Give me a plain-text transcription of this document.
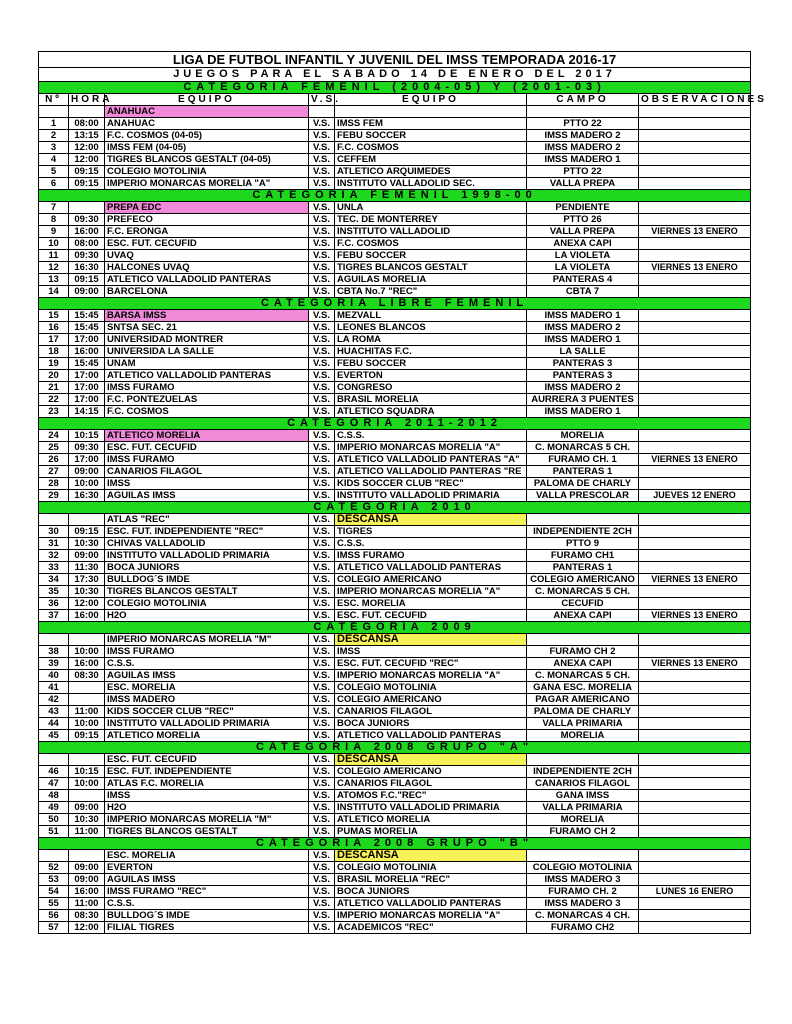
LIGA DE FUTBOL INFANTIL Y JUVENIL DEL IMSS TEMPORADA 2016-17						
JUEGOS PARA EL SABADO 14 DE ENERO DEL 2017						
CATEGORIA FEMENIL (2004-05) Y (2001-03)						
Nº	HORA	EQUIPO	V.S.	EQUIPO	CAMPO	OBSERVACIONES
		ANAHUAC				
1	08:00	ANAHUAC	V.S.	IMSS FEM	PTTO 22	
2	13:15	F.C. COSMOS (04-05)	V.S.	FEBU SOCCER	IMSS MADERO 2	
3	12:00	IMSS FEM (04-05)	V.S.	F.C. COSMOS	IMSS MADERO 2	
4	12:00	TIGRES BLANCOS GESTALT (04-05)	V.S.	CEFFEM	IMSS MADERO 1	
5	09:15	COLEGIO MOTOLINIA	V.S.	ATLETICO ARQUIMEDES	PTTO 22	
6	09:15	IMPERIO MONARCAS MORELIA "A"	V.S.	INSTITUTO VALLADOLID SEC.	VALLA PREPA	
CATEGORIA FEMENIL 1998-00						
7		PREPA EDC	V.S.	UNLA	PENDIENTE	
8	09:30	PREFECO	V.S.	TEC. DE MONTERREY	PTTO 26	
9	16:00	F.C. ERONGA	V.S.	INSTITUTO VALLADOLID	VALLA PREPA	VIERNES 13 ENERO
10	08:00	ESC. FUT. CECUFID	V.S.	F.C. COSMOS	ANEXA CAPI	
11	09:30	UVAQ	V.S.	FEBU SOCCER	LA VIOLETA	
12	16:30	HALCONES UVAQ	V.S.	TIGRES BLANCOS GESTALT	LA VIOLETA	VIERNES 13 ENERO
13	09:15	ATLETICO VALLADOLID PANTERAS	V.S.	AGUILAS MORELIA	PANTERAS 4	
14	09:00	BARCELONA	V.S.	CBTA No.7 "REC"	CBTA 7	
CATEGORIA LIBRE FEMENIL						
15	15:45	BARSA IMSS	V.S.	MEZVALL	IMSS MADERO 1	
16	15:45	SNTSA SEC. 21	V.S.	LEONES BLANCOS	IMSS MADERO 2	
17	17:00	UNIVERSIDAD MONTRER	V.S.	LA ROMA	IMSS MADERO 1	
18	16:00	UNIVERSIDA LA SALLE	V.S.	HUACHITAS F.C.	LA SALLE	
19	15:45	UNAM	V.S.	FEBU SOCCER	PANTERAS 3	
20	17:00	ATLETICO VALLADOLID PANTERAS	V.S.	EVERTON	PANTERAS 3	
21	17:00	IMSS FURAMO	V.S.	CONGRESO	IMSS MADERO 2	
22	17:00	F.C. PONTEZUELAS	V.S.	BRASIL MORELIA	AURRERA 3 PUENTES	
23	14:15	F.C. COSMOS	V.S.	ATLETICO SQUADRA	IMSS MADERO 1	
CATEGORIA 2011-2012						
24	10:15	ATLETICO MORELIA	V.S.	C.S.S.	MORELIA	
25	09:30	ESC. FUT. CECUFID	V.S.	IMPERIO MONARCAS MORELIA "A"	C. MONARCAS 5 CH.	
26	17:00	IMSS FURAMO	V.S.	ATLETICO VALLADOLID PANTERAS "A"	FURAMO CH. 1	VIERNES 13 ENERO
27	09:00	CANARIOS FILAGOL	V.S.	ATLETICO VALLADOLID PANTERAS "RE	PANTERAS 1	
28	10:00	IMSS	V.S.	KIDS SOCCER CLUB "REC"	PALOMA DE CHARLY	
29	16:30	AGUILAS IMSS	V.S.	INSTITUTO VALLADOLID PRIMARIA	VALLA PRESCOLAR	JUEVES 12 ENERO
CATEGORIA 2010						
		ATLAS "REC"	V.S.	DESCANSA		
30	09:15	ESC. FUT. INDEPENDIENTE "REC"	V.S.	TIGRES	INDEPENDIENTE 2CH	
31	10:30	CHIVAS VALLADOLID	V.S.	C.S.S.	PTTO 9	
32	09:00	INSTITUTO VALLADOLID PRIMARIA	V.S.	IMSS FURAMO	FURAMO CH1	
33	11:30	BOCA JUNIORS	V.S.	ATLETICO VALLADOLID PANTERAS	PANTERAS 1	
34	17:30	BULLDOG´S IMDE	V.S.	COLEGIO AMERICANO	COLEGIO AMERICANO	VIERNES 13 ENERO
35	10:30	TIGRES BLANCOS GESTALT	V.S.	IMPERIO MONARCAS MORELIA "A"	C. MONARCAS 5 CH.	
36	12:00	COLEGIO MOTOLINIA	V.S.	ESC. MORELIA	CECUFID	
37	16:00	H2O	V.S.	ESC. FUT. CECUFID	ANEXA CAPI	VIERNES 13 ENERO
CATEGORIA 2009						
		IMPERIO MONARCAS MORELIA "M"	V.S.	DESCANSA		
38	10:00	IMSS FURAMO	V.S.	IMSS	FURAMO CH 2	
39	16:00	C.S.S.	V.S.	ESC. FUT. CECUFID "REC"	ANEXA CAPI	VIERNES 13 ENERO
40	08:30	AGUILAS IMSS	V.S.	IMPERIO MONARCAS MORELIA "A"	C. MONARCAS 5 CH.	
41		ESC. MORELIA	V.S.	COLEGIO MOTOLINIA	GANA ESC. MORELIA	
42		IMSS MADERO	V.S.	COLEGIO AMERICANO	PAGAR AMERICANO	
43	11:00	KIDS SOCCER CLUB "REC"	V.S.	CANARIOS FILAGOL	PALOMA DE CHARLY	
44	10:00	INSTITUTO VALLADOLID PRIMARIA	V.S.	BOCA JUNIORS	VALLA PRIMARIA	
45	09:15	ATLETICO MORELIA	V.S.	ATLETICO VALLADOLID PANTERAS	MORELIA	
CATEGORIA 2008 GRUPO "A"						
		ESC. FUT. CECUFID	V.S.	DESCANSA		
46	10:15	ESC. FUT. INDEPENDIENTE	V.S.	COLEGIO AMERICANO	INDEPENDIENTE 2CH	
47	10:00	ATLAS F.C. MORELIA	V.S.	CANARIOS FILAGOL	CANARIOS FILAGOL	
48		IMSS	V.S.	ATOMOS F.C."REC"	GANA IMSS	
49	09:00	H2O	V.S.	INSTITUTO VALLADOLID PRIMARIA	VALLA PRIMARIA	
50	10:30	IMPERIO MONARCAS MORELIA "M"	V.S.	ATLETICO MORELIA	MORELIA	
51	11:00	TIGRES BLANCOS GESTALT	V.S.	PUMAS MORELIA	FURAMO CH 2	
CATEGORIA 2008 GRUPO "B"						
		ESC. MORELIA	V.S.	DESCANSA		
52	09:00	EVERTON	V.S.	COLEGIO MOTOLINIA	COLEGIO MOTOLINIA	
53	09:00	AGUILAS IMSS	V.S.	BRASIL MORELIA "REC"	IMSS MADERO 3	
54	16:00	IMSS FURAMO "REC"	V.S.	BOCA JUNIORS	FURAMO CH. 2	LUNES 16 ENERO
55	11:00	C.S.S.	V.S.	ATLETICO VALLADOLID PANTERAS	IMSS MADERO 3	
56	08:30	BULLDOG´S IMDE	V.S.	IMPERIO MONARCAS MORELIA "A"	C. MONARCAS 4 CH.	
57	12:00	FILIAL TIGRES	V.S.	ACADEMICOS "REC"	FURAMO CH2	
